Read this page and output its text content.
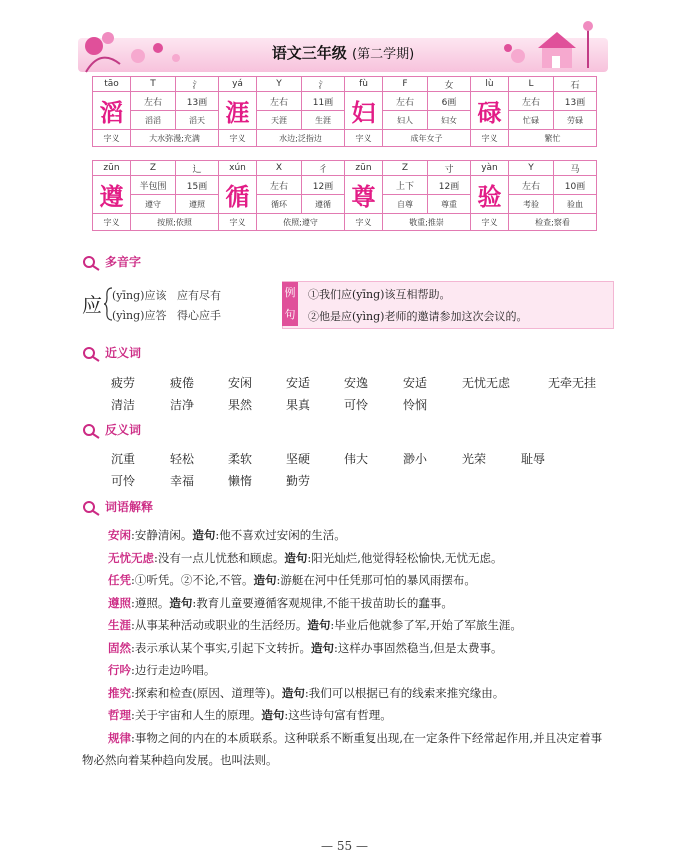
语文三年级 (第二学期)
tāo	T	氵	yá	Y	氵	fù	F	女	lù	L	石
滔	左右	13画	涯	左右	11画	妇	左右	6画	碌	左右	13画
	滔滔	滔天		天涯	生涯		妇人	妇女		忙碌	劳碌
字义	大水弥漫;充满		字义	水边;泛指边		字义	成年女子		字义	繁忙	
zūn	Z	辶	xún	X	彳	zūn	Z	寸	yàn	Y	马
遵	半包围	15画	循	左右	12画	尊	上下	12画	验	左右	10画
	遵守	遵照		循环	遵循		自尊	尊重		考验	验血
字义	按照;依照		字义	依照;遵守		字义	敬重;推崇		字义	检查;察看	
多音字
应 (yīng)应该 应有尽有
(yìng)应答 得心应手
例
句
①我们应(yīng)该互相帮助。
②他是应(yìng)老师的邀请参加这次会议的。
近义词
疲劳	疲倦	安闲	安适	安逸	安适	无忧无虑	无牵无挂
清洁	洁净	果然	果真	可怜	怜悯
反义词
沉重	轻松	柔软	坚硬	伟大	渺小	光荣	耻辱
可怜	幸福	懒惰	勤劳
词语解释

安闲:安静清闲。造句:他不喜欢过安闲的生活。

无忧无虑:没有一点儿忧愁和顾虑。造句:阳光灿烂,他觉得轻松愉快,无忧无虑。

任凭:①听凭。②不论,不管。造句:游艇在河中任凭那可怕的暴风雨摆布。

遵照:遵照。造句:教育儿童要遵循客观规律,不能干拔苗助长的蠢事。

生涯:从事某种活动或职业的生活经历。造句:毕业后他就参了军,开始了军旅生涯。

固然:表示承认某个事实,引起下文转折。造句:这样办事固然稳当,但是太费事。

行吟:边行走边吟唱。

推究:探索和检查(原因、道理等)。造句:我们可以根据已有的线索来推究缘由。

哲理:关于宇宙和人生的原理。造句:这些诗句富有哲理。

规律:事物之间的内在的本质联系。这种联系不断重复出现,在一定条件下经常起作用,并且决定着事物必然向着某种趋向发展。也叫法则。

— 55 —
